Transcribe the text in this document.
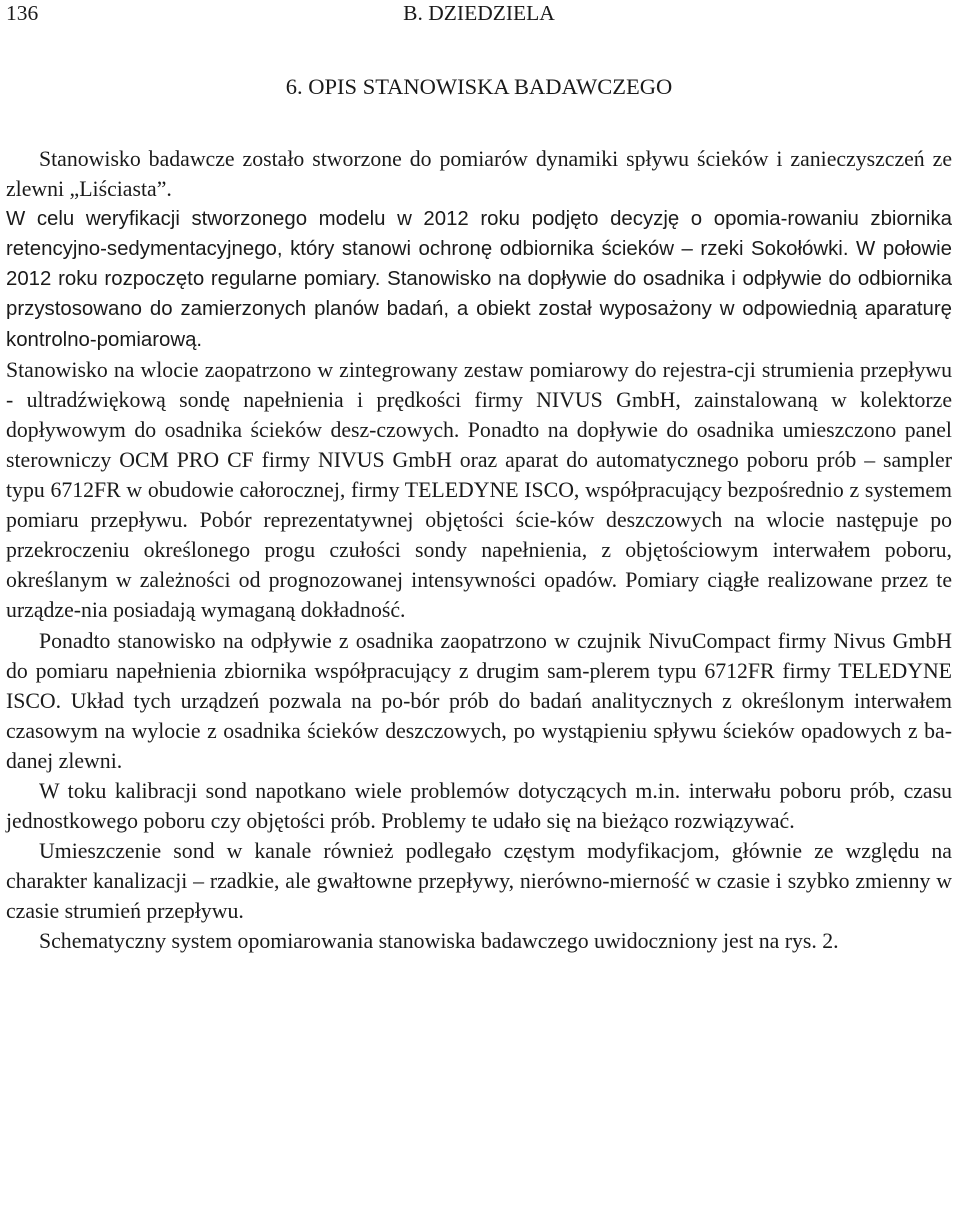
136	B. DZIEDZIELA
6. OPIS STANOWISKA BADAWCZEGO

Stanowisko badawcze zostało stworzone do pomiarów dynamiki spływu ścieków i zanieczyszczeń ze zlewni „Liściasta”.

W celu weryfikacji stworzonego modelu w 2012 roku podjęto decyzję o opomia-rowaniu zbiornika retencyjno-sedymentacyjnego, który stanowi ochronę odbiornika ścieków – rzeki Sokołówki. W połowie 2012 roku rozpoczęto regularne pomiary. Stanowisko na dopływie do osadnika i odpływie do odbiornika przystosowano do zamierzonych planów badań, a obiekt został wyposażony w odpowiednią aparaturę kontrolno-pomiarową.

Stanowisko na wlocie zaopatrzono w zintegrowany zestaw pomiarowy do rejestra-cji strumienia przepływu - ultradźwiękową sondę napełnienia i prędkości firmy NIVUS GmbH, zainstalowaną w kolektorze dopływowym do osadnika ścieków desz-czowych. Ponadto na dopływie do osadnika umieszczono panel sterowniczy OCM PRO CF firmy NIVUS GmbH oraz aparat do automatycznego poboru prób – sampler typu 6712FR w obudowie całorocznej, firmy TELEDYNE ISCO, współpracujący bezpośrednio z systemem pomiaru przepływu. Pobór reprezentatywnej objętości ście-ków deszczowych na wlocie następuje po przekroczeniu określonego progu czułości sondy napełnienia, z objętościowym interwałem poboru, określanym w zależności od prognozowanej intensywności opadów. Pomiary ciągłe realizowane przez te urządze-nia posiadają wymaganą dokładność.

Ponadto stanowisko na odpływie z osadnika zaopatrzono w czujnik NivuCompact firmy Nivus GmbH do pomiaru napełnienia zbiornika współpracujący z drugim sam-plerem typu 6712FR firmy TELEDYNE ISCO. Układ tych urządzeń pozwala na po-bór prób do badań analitycznych z określonym interwałem czasowym na wylocie z osadnika ścieków deszczowych, po wystąpieniu spływu ścieków opadowych z ba-danej zlewni.

W toku kalibracji sond napotkano wiele problemów dotyczących m.in. interwału poboru prób, czasu jednostkowego poboru czy objętości prób. Problemy te udało się na bieżąco rozwiązywać.

Umieszczenie sond w kanale również podlegało częstym modyfikacjom, głównie ze względu na charakter kanalizacji – rzadkie, ale gwałtowne przepływy, nierówno-mierność w czasie i szybko zmienny w czasie strumień przepływu.

Schematyczny system opomiarowania stanowiska badawczego uwidoczniony jest na rys. 2.
